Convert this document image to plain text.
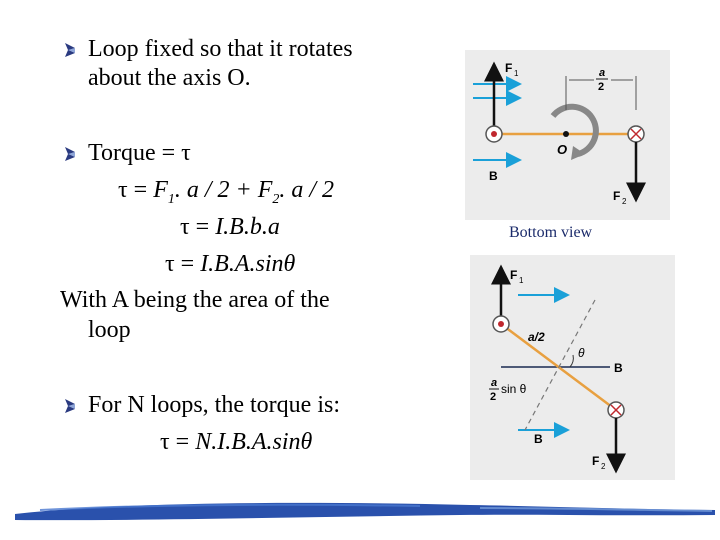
Loop fixed so that it rotates
about the axis O.
Torque = τ
$\tau = F_1$. $a / 2 + F_2$. a / 2
τ = I.B.b.a
τ = I.B.A.sinθ
With A being the area of the
loop
For N loops, the torque is:
τ = N.I.B.A.sinθ
F 1
O
F 2
a
2
B
Bottom view
F 1
B
θ
a/2
a
2
sin θ
F 2
B
